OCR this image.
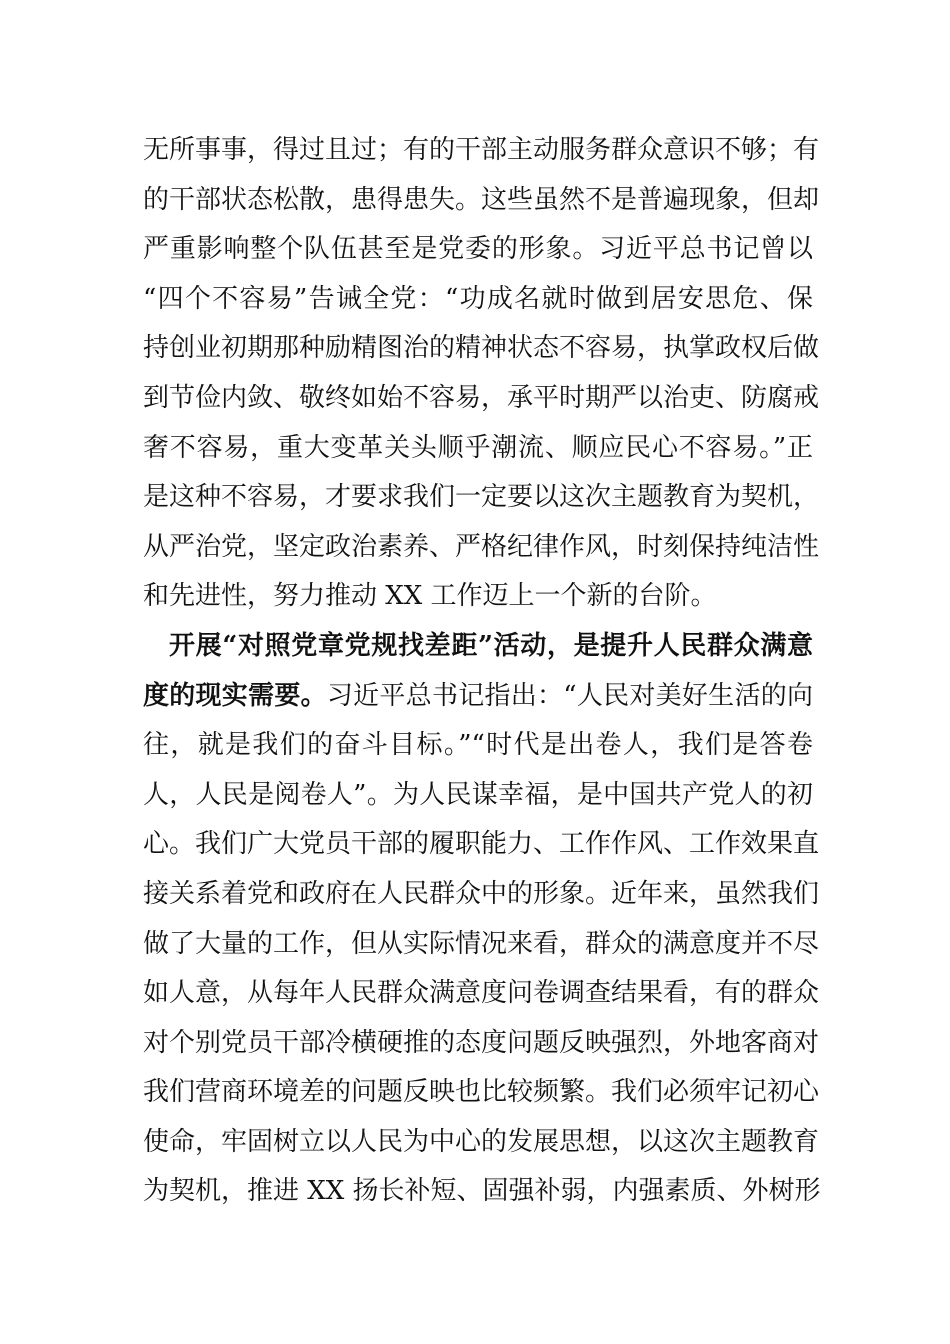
无所事事，得过且过；有的干部主动服务群众意识不够；有
的干部状态松散，患得患失。这些虽然不是普遍现象，但却
严重影响整个队伍甚至是党委的形象。习近平总书记曾以
“四个不容易”告诫全党：“功成名就时做到居安思危、保
持创业初期那种励精图治的精神状态不容易，执掌政权后做
到节俭内敛、敬终如始不容易，承平时期严以治吏、防腐戒
奢不容易，重大变革关头顺乎潮流、顺应民心不容易。”正
是这种不容易，才要求我们一定要以这次主题教育为契机，
从严治党，坚定政治素养、严格纪律作风，时刻保持纯洁性
和先进性，努力推动 XX 工作迈上一个新的台阶。
开展“对照党章党规找差距”活动，是提升人民群众满意
度的现实需要。习近平总书记指出：“人民对美好生活的向
往，就是我们的奋斗目标。”“时代是出卷人，我们是答卷
人，人民是阅卷人”。为人民谋幸福，是中国共产党人的初
心。我们广大党员干部的履职能力、工作作风、工作效果直
接关系着党和政府在人民群众中的形象。近年来，虽然我们
做了大量的工作，但从实际情况来看，群众的满意度并不尽
如人意，从每年人民群众满意度问卷调查结果看，有的群众
对个别党员干部冷横硬推的态度问题反映强烈，外地客商对
我们营商环境差的问题反映也比较频繁。我们必须牢记初心
使命，牢固树立以人民为中心的发展思想，以这次主题教育
为契机，推进 XX 扬长补短、固强补弱，内强素质、外树形
